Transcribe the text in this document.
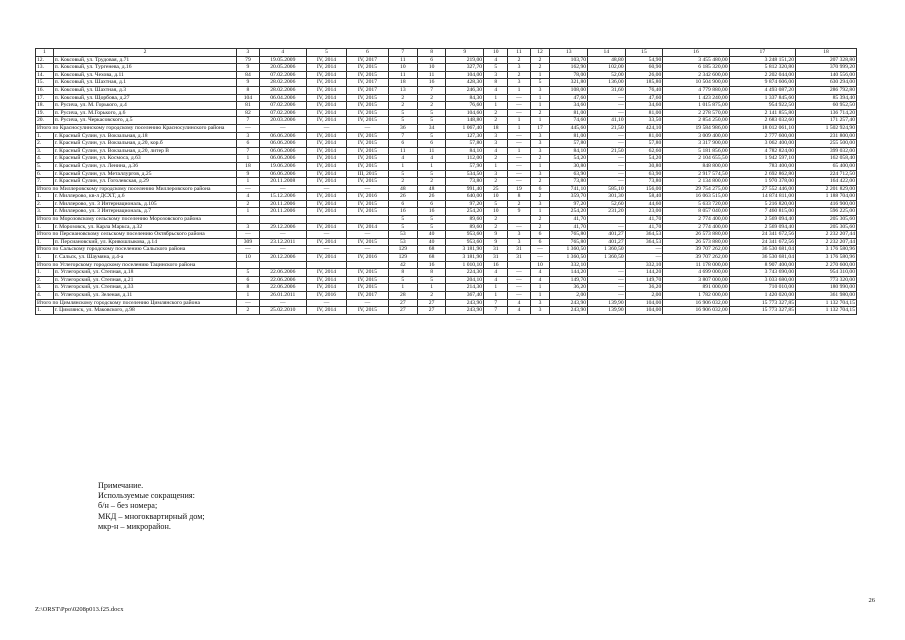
1	2	3	4	5	6	7	8	9	10	11	12	13	14	15	16	17	18
12.	п. Коксовый, ул. Трудовая, д.71	79	19.05.2009	IV, 2014	IV, 2017	11	6	219,00	4	2	2	103,70	48,80	54,90	3 455 480,00	3 248 151,20	207 328,80
13.	п. Коксовый, ул. Тургенева, д.16	9	20.05.2006	IV, 2014	IV, 2015	10	10	327,70	5	3	2	162,90	102,00	60,90	6 185 320,00	5 812 320,80	370 999,20
14.	п. Коксовый, ул. Чехова, д.11	84	07.02.2006	IV, 2014	IV, 2015	11	11	104,00	3	2	1	78,00	52,00	26,00	2 342 600,00	2 202 044,00	140 556,00
15.	п. Коксовый, ул. Шахтная, д.1	9	28.02.2006	IV, 2014	IV, 2017	18	16	428,30	8	3	5	321,80	136,00	185,80	10 504 900,00	9 874 606,00	630 294,00
16.	п. Коксовый, ул. Шахтная, д.3	8	28.02.2006	IV, 2014	IV, 2017	13	7	246,30	4	1	3	108,00	31,60	76,40	4 779 880,00	4 493 087,20	286 792,80
17.	п. Коксовый, ул. Щорбова, д.27	104	06.04.2006	IV, 2014	IV, 2015	2	2	84,30	1	—	1	47,60	—	47,60	1 423 240,00	1 337 845,60	85 394,40
18.	п. Русича, ул. М. Горького, д.4	81	07.02.2006	IV, 2014	IV, 2015	2	2	76,60	1	—	1	34,60	—	34,60	1 015 875,00	954 922,50	60 952,50
19.	п. Русича, ул. М.Горького, д.6	82	07.02.2006	IV, 2014	IV, 2015	5	5	104,60	2	—	2	81,00	—	81,00	2 278 570,00	2 141 855,80	136 714,20
20.	п. Русича, ул. Черкасовского, д.5	7	20.03.2006	IV, 2014	IV, 2015	5	5	148,80	2	1	1	74,60	41,10	33,50	2 854 250,00	2 683 032,60	171 257,40
Итого по Красносулинскому городскому поселению Красносулинского района		—	—	—	—	36	34	1 067,40	18	1	17	445,60	21,50	424,10	19 584 986,00	18 012 061,10	1 502 924,90
1.	г. Красный Сулин, ул. Вокзальная, д.18	3	06.06.2006	IV, 2014	IV, 2015	7	5	127,30	3	—	3	81,00	—	81,00	3 009 400,00	2 777 600,00	231 800,00
2.	г. Красный Сулин, ул. Вокзальная, д.20, кор.б	6	06.06.2006	IV, 2014	IV, 2015	6	6	57,80	3	—	3	57,80	—	57,80	3 317 900,00	3 062 400,00	255 500,00
3.	г. Красный Сулин, ул. Вокзальная, д.20, литер В	7	06.06.2006	IV, 2014	IV, 2015	11	11	84,10	4	1	3	84,10	21,50	62,60	5 181 856,00	4 782 824,00	399 032,00
4.	г. Красный Сулин, ул. Космоса, д.63	1	06.06.2006	IV, 2014	IV, 2015	4	4	112,00	2	—	2	54,20	—	54,20	2 104 655,50	1 942 597,10	162 058,40
5.	г. Красный Сулин, ул. Ленина, д.36	18	19.06.2006	IV, 2014	IV, 2015	1	1	57,90	1	—	1	30,80	—	30,80	848 800,00	783 400,00	65 400,00
6.	г. Красный Сулин, ул. Металлургов, д.25	9	06.06.2006	IV, 2014	III, 2015	5	5	534,50	3	—	3	63,90	—	63,90	2 917 574,50	2 692 862,80	224 712,50
7.	г. Красный Сулин, ул. Гоголевская, д.29	1	20.11.2008	IV, 2014	IV, 2015	2	2	73,80	2	—	2	73,80	—	73,80	2 134 800,00	1 970 378,00	164 422,00
Итого по Миллеровскому городскому поселению Миллеровского района		—	—	—	—	48	48	991,40	25	19	6	741,10	585,10	156,00	29 754 275,00	27 552 446,00	2 201 829,00
1.	г. Миллерово, кв-л ДСХТ, д.6	4	15.12.2006	IV, 2014	IV, 2016	26	26	640,00	10	8	2	359,70	301,30	58,40	16 063 515,00	14 874 811,00	1 188 704,00
2.	г. Миллерово, ул. 3 Интернациональ, д.105	2	20.11.2006	IV, 2014	IV, 2015	6	6	97,20	5	2	3	97,20	52,60	44,60	5 633 720,00	5 216 820,00	416 900,00
3.	г. Миллерово, ул. 3 Интернациональ, д.7	1	20.11.2006	IV, 2014	IV, 2015	16	16	254,20	10	9	1	254,20	231,20	23,00	8 057 040,00	7 460 815,00	596 225,00
Итого по Морозовскому сельскому поселению Морозовского района						5	5	89,60	2		2	41,70		41,70	2 774 400,00	2 569 094,40	205 305,60
1.	г. Морозовск, ул. Карла Маркса, д.32	3	29.12.2006	IV, 2014	IV, 2014	5	5	89,60	2	—	2	41,70	—	41,70	2 774 400,00	2 569 094,40	205 305,60
Итого по Персиановскому сельскому поселению Октябрьского района		—	—	—	—	53	40	953,60	9	3	6	765,80	401,27	364,53	26 573 880,00	24 341 672,56	2 232 207,44
1.	п. Персиановский, ул. Кривошлыкова, д.14	309	23.12.2011	IV, 2014	IV, 2015	53	40	953,60	9	3	6	765,80	401,27	364,53	26 573 880,00	24 341 672,56	2 232 207,44
Итого по Сальскому городскому поселению Сальского района		—	—	—	—	129	68	3 181,90	31	31	—	1 360,50	1 360,50	—	39 707 262,00	36 530 681,04	3 176 580,96
1.	г. Сальск, ул. Шаумяна, д.4-а	10	20.12.2006	IV, 2014	IV, 2016	129	68	3 181,90	31	31	—	1 360,50	1 360,50	—	39 707 262,00	36 530 681,04	3 176 580,96
Итого по Углегорскому городскому поселению Тацинского района						42	16	1 010,10	16		10	332,10		332,10	11 178 000,00	8 907 400,00	2 270 600,00
1.	п. Углегорский, ул. Степная, д.18	5	22.06.2006	IV, 2014	IV, 2015	8	8	224,30	4	—	4	144,20	—	144,20	4 699 000,00	3 743 690,00	954 310,00
2.	п. Углегорский, ул. Степная, д.21	6	22.06.2006	IV, 2014	IV, 2015	5	5	204,10	4	—	4	149,70	—	149,70	3 807 000,00	3 033 680,00	773 320,00
3.	п. Углегорский, ул. Степная, д.33	8	22.06.2006	IV, 2014	IV, 2015	1	1	214,30	1	—	1	36,20	—	36,20	891 000,00	710 010,00	180 990,00
4.	п. Углегорский, ул. Зеленая, д.11	1	26.01.2011	IV, 2016	IV, 2017	28	2	367,40	1	—	1	2,00	—	2,00	1 782 000,00	1 420 020,00	361 980,00
Итого по Цимлянскому городскому поселению Цимлянского района		—	—	—	—	27	27	243,90	7	4	3	243,90	139,90	104,00	16 906 032,00	15 773 327,85	1 132 704,15
1.	г. Цимлянск, ул. Маковского, д.98	2	25.02.2010	IV, 2014	IV, 2015	27	27	243,90	7	4	3	243,90	139,90	104,00	16 906 032,00	15 773 327,85	1 132 704,15
Примечание.
Используемые сокращения:
б/н – без номера;
МКД – многоквартирный дом;
мкр-н – микрорайон.
26
Z:\ORST\Ppo\0208p013.f25.docx
